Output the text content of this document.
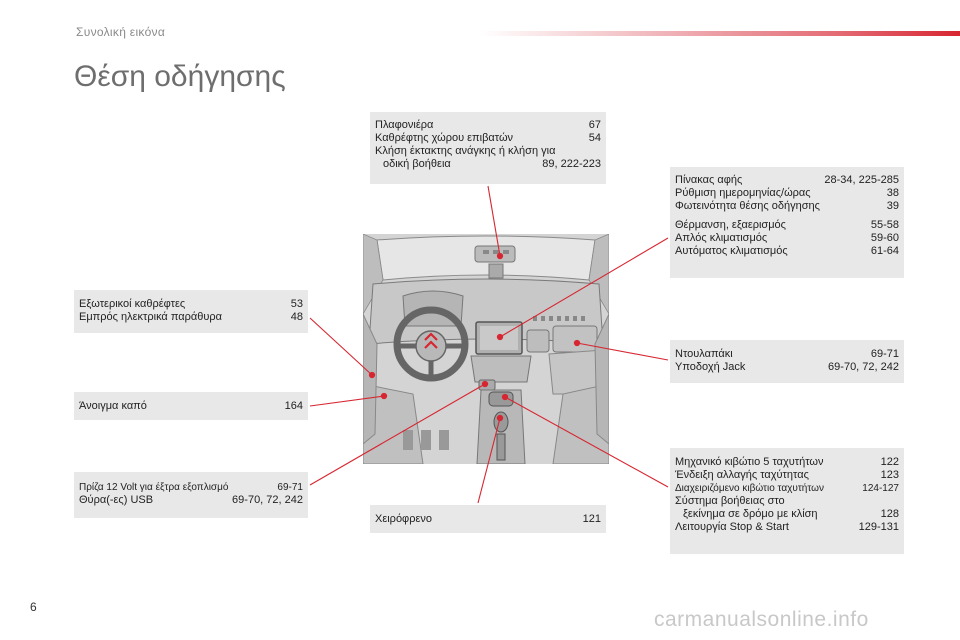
Συνολική εικόνα
Θέση οδήγησης
Πλαφονιέρα	67
Καθρέφτης χώρου επιβατών	54
Κλήση έκτακτης ανάγκης ή κλήση για
οδική βοήθεια	89, 222-223
Πίνακας αφής	28-34, 225-285
Ρύθμιση ημερομηνίας/ώρας	38
Φωτεινότητα θέσης οδήγησης	39
Θέρμανση, εξαερισμός	55-58
Απλός κλιματισμός	59-60
Αυτόματος κλιματισμός	61-64
Εξωτερικοί καθρέφτες	53
Εμπρός ηλεκτρικά παράθυρα	48
Ντουλαπάκι	69-71
Υποδοχή Jack	69-70, 72, 242
Άνοιγμα καπό	164
Πρίζα 12 Volt για έξτρα εξοπλισμό	69-71
Θύρα(-ες) USB	69-70, 72, 242
Χειρόφρενο	121
Μηχανικό κιβώτιο 5 ταχυτήτων	122
Ένδειξη αλλαγής ταχύτητας	123
Διαχειριζόμενο κιβώτιο ταχυτήτων	124-127
Σύστημα βοήθειας στο
ξεκίνημα σε δρόμο με κλίση	128
Λειτουργία Stop & Start	129-131
6
carmanualsonline.info
